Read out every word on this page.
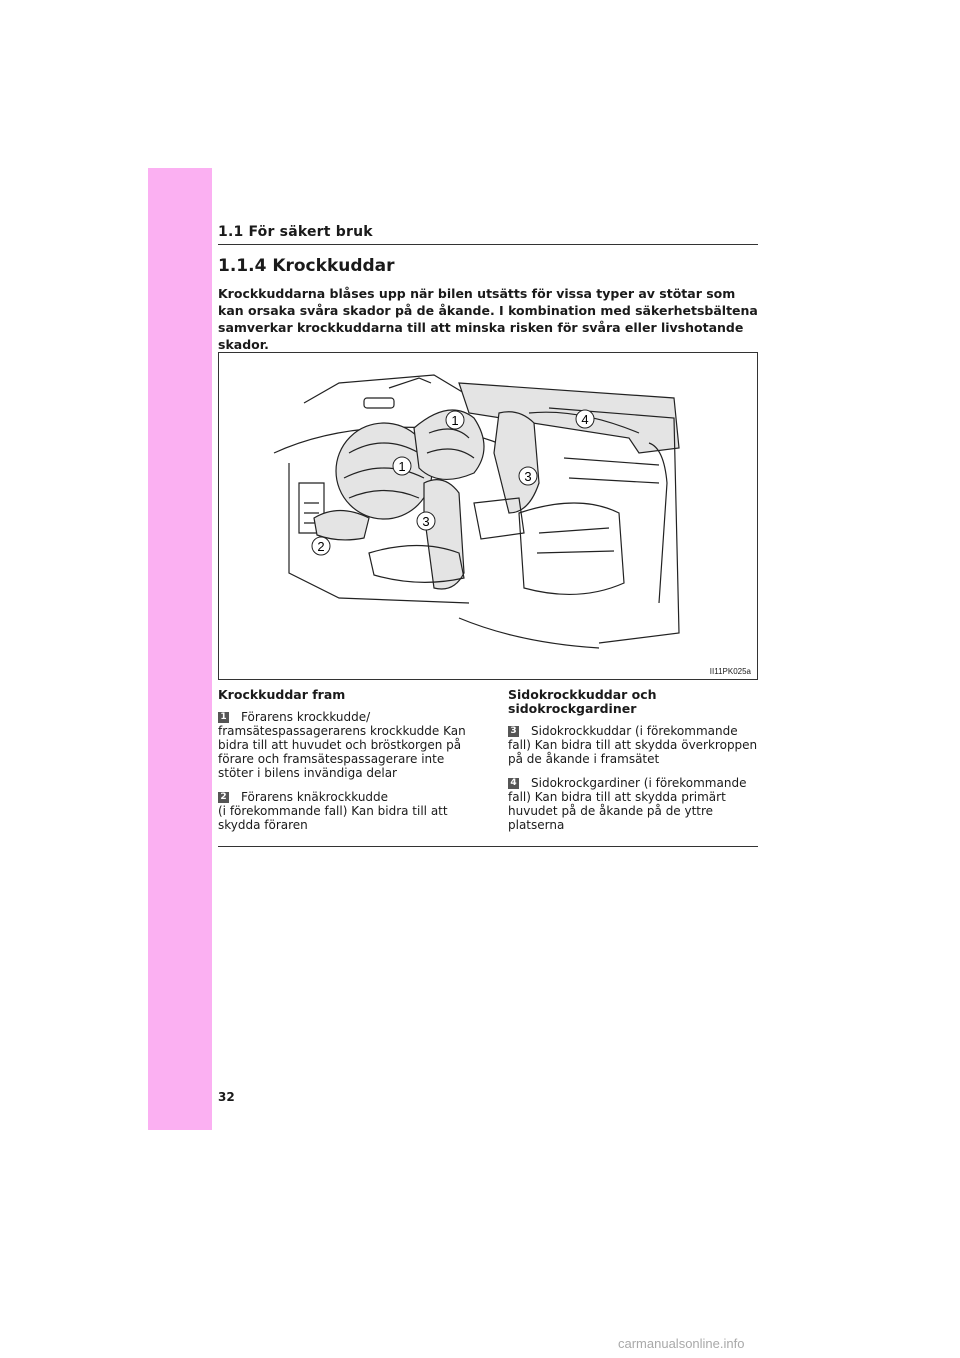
1.1 För säkert bruk
1.1.4 Krockkuddar
Krockkuddarna blåses upp när bilen utsätts för vissa typer av stötar som kan orsaka svåra skador på de åkande. I kombination med säkerhetsbältena samverkar krockkuddarna till att minska risken för svåra eller livshotande skador.
1
1
2
3
3
4
II11PK025a
Krockkuddar fram
1 Förarens krockkudde/
framsätespassagerarens krockkudde Kan bidra till att huvudet och bröstkorgen på förare och framsätespassagerare inte stöter i bilens invändiga delar
2 Förarens knäkrockkudde
(i förekommande fall) Kan bidra till att skydda föraren
Sidokrockkuddar och sidokrockgardiner
3 Sidokrockkuddar (i förekommande
fall) Kan bidra till att skydda överkroppen på de åkande i framsätet
4 Sidokrockgardiner (i förekommande
fall) Kan bidra till att skydda primärt huvudet på de åkande på de yttre platserna
32
carmanualsonline.info
